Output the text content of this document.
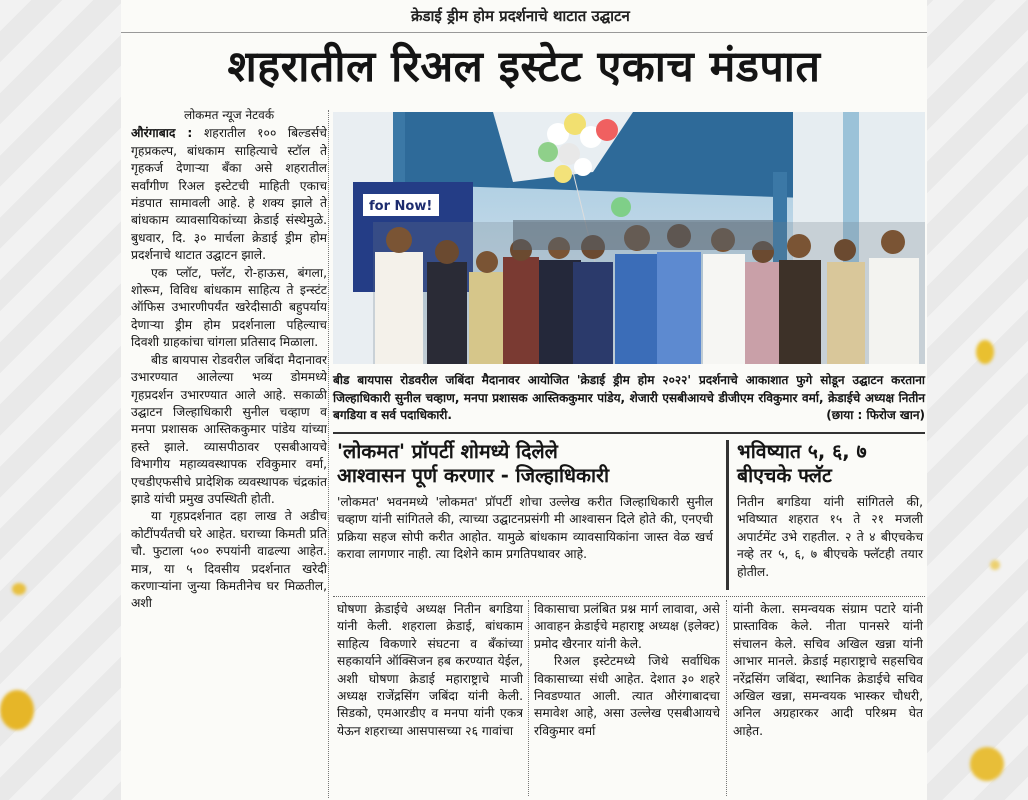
क्रेडाई ड्रीम होम प्रदर्शनाचे थाटात उद्घाटन
शहरातील रिअल इस्टेट एकाच मंडपात
लोकमत न्यूज नेटवर्क

औरंगाबाद : शहरातील १०० बिल्डर्सचे गृहप्रकल्प, बांधकाम साहित्याचे स्टॉल ते गृहकर्ज देणाऱ्या बँका असे शहरातील सर्वांगीण रिअल इस्टेटची माहिती एकाच मंडपात सामावली आहे. हे शक्य झाले ते बांधकाम व्यावसायिकांच्या क्रेडाई संस्थेमुळे. बुधवार, दि. ३० मार्चला क्रेडाई ड्रीम होम प्रदर्शनाचे थाटात उद्घाटन झाले.

एक प्लॉट, फ्लॅट, रो-हाऊस, बंगला, शोरूम, विविध बांधकाम साहित्य ते इन्स्टंट ऑफिस उभारणीपर्यंत खरेदीसाठी बहुपर्याय देणाऱ्या ड्रीम होम प्रदर्शनाला पहिल्याच दिवशी ग्राहकांचा चांगला प्रतिसाद मिळाला.

बीड बायपास रोडवरील जबिंदा मैदानावर उभारण्यात आलेल्या भव्य डोममध्ये गृहप्रदर्शन उभारण्यात आले आहे. सकाळी उद्घाटन जिल्हाधिकारी सुनील चव्हाण व मनपा प्रशासक आस्तिककुमार पांडेय यांच्या हस्ते झाले. व्यासपीठावर एसबीआयचे विभागीय महाव्यवस्थापक रविकुमार वर्मा, एचडीएफसीचे प्रादेशिक व्यवस्थापक चंद्रकांत झाडे यांची प्रमुख उपस्थिती होती.

या गृहप्रदर्शनात दहा लाख ते अडीच कोटींपर्यंतची घरे आहेत. घराच्या किमती प्रति चौ. फुटाला ५०० रुपयांनी वाढल्या आहेत. मात्र, या ५ दिवसीय प्रदर्शनात खरेदी करणाऱ्यांना जुन्या किमतीनेच घर मिळतील, अशी

for Now!
बीड बायपास रोडवरील जबिंदा मैदानावर आयोजित 'क्रेडाई ड्रीम होम २०२२' प्रदर्शनाचे आकाशात फुगे सोडून उद्घाटन करताना जिल्हाधिकारी सुनील चव्हाण, मनपा प्रशासक आस्तिककुमार पांडेय, शेजारी एसबीआयचे डीजीएम रविकुमार वर्मा, क्रेडाईचे अध्यक्ष नितीन बगडिया व सर्व पदाधिकारी.	(छाया : फिरोज खान)
'लोकमत' प्रॉपर्टी शोमध्ये दिलेले
आश्वासन पूर्ण करणार - जिल्हाधिकारी
'लोकमत' भवनमध्ये 'लोकमत' प्रॉपर्टी शोचा उल्लेख करीत जिल्हाधिकारी सुनील चव्हाण यांनी सांगितले की, त्याच्या उद्घाटनप्रसंगी मी आश्वासन दिले होते की, एनएची प्रक्रिया सहज सोपी करीत आहोत. यामुळे बांधकाम व्यावसायिकांना जास्त वेळ खर्च करावा लागणार नाही. त्या दिशेने काम प्रगतिपथावर आहे.
भविष्यात ५, ६, ७
बीएचके फ्लॅट
नितीन बगडिया यांनी सांगितले की, भविष्यात शहरात १५ ते २१ मजली अपार्टमेंट उभे राहतील. २ ते ४ बीएचकेच नव्हे तर ५, ६, ७ बीएचके फ्लॅटही तयार होतील.
घोषणा क्रेडाईचे अध्यक्ष नितीन बगडिया यांनी केली. शहराला क्रेडाई, बांधकाम साहित्य विकणारे संघटना व बँकांच्या सहकार्याने ऑक्सिजन हब करण्यात येईल, अशी घोषणा क्रेडाई महाराष्ट्राचे माजी अध्यक्ष राजेंद्रसिंग जबिंदा यांनी केली. सिडको, एमआरडीए व मनपा यांनी एकत्र येऊन शहराच्या आसपासच्या २६ गावांचा

विकासाचा प्रलंबित प्रश्न मार्ग लावावा, असे आवाहन क्रेडाईचे महाराष्ट्र अध्यक्ष (इलेक्ट) प्रमोद खैरनार यांनी केले.

रिअल इस्टेटमध्ये जिथे सर्वाधिक विकासाच्या संधी आहेत. देशात ३० शहरे निवडण्यात आली. त्यात औरंगाबादचा समावेश आहे, असा उल्लेख एसबीआयचे रविकुमार वर्मा

यांनी केला. समन्वयक संग्राम पटारे यांनी प्रास्ताविक केले. नीता पानसरे यांनी संचालन केले. सचिव अखिल खन्ना यांनी आभार मानले. क्रेडाई महाराष्ट्राचे सहसचिव नरेंद्रसिंग जबिंदा, स्थानिक क्रेडाईचे सचिव अखिल खन्ना, समन्वयक भास्कर चौधरी, अनिल अग्रहारकर आदी परिश्रम घेत आहेत.
